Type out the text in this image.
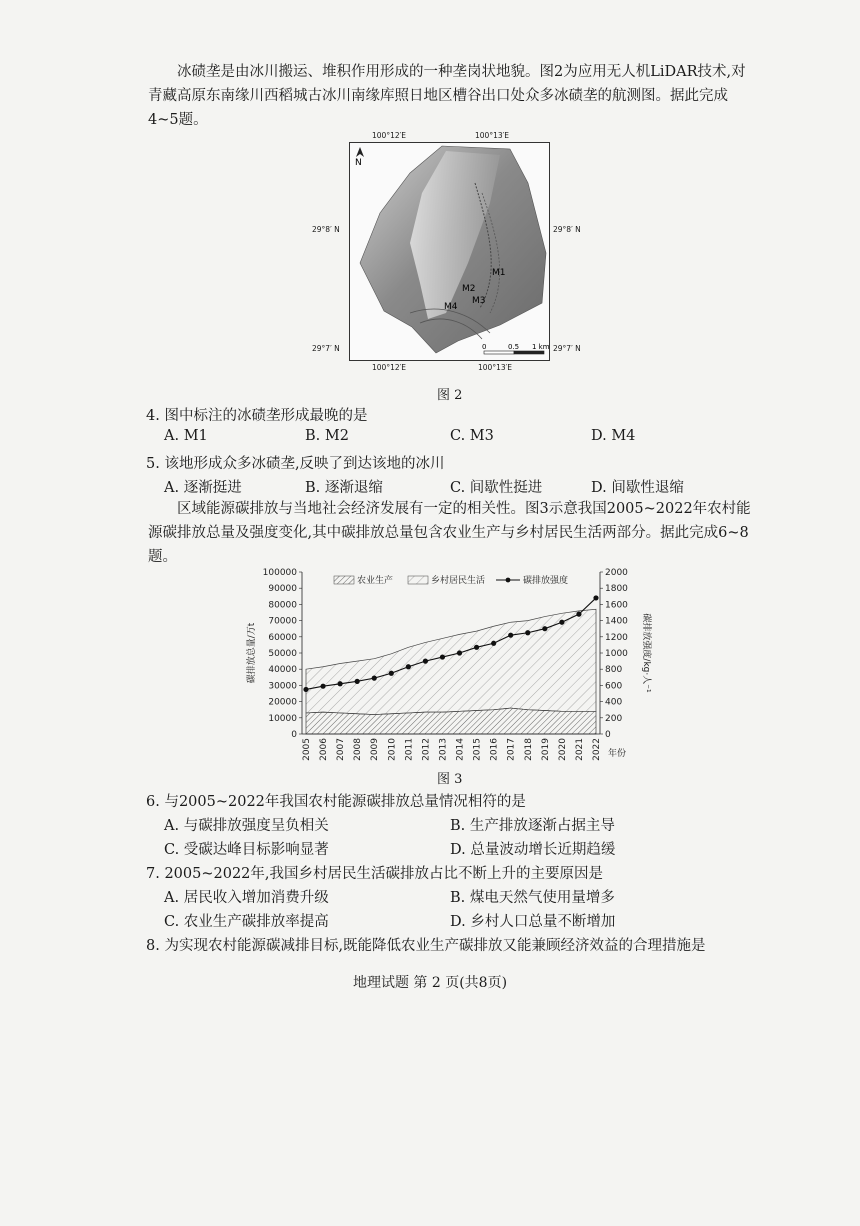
冰碛垄是由冰川搬运、堆积作用形成的一种垄岗状地貌。图2为应用无人机LiDAR技术,对青藏高原东南缘川西稻城古冰川南缘库照日地区槽谷出口处众多冰碛垄的航测图。据此完成4~5题。
100°12′E	100°13′E
M1
M2
M3
M4
N
0	0.5 1 km
29°8′ N	29°8′ N
29°7′ N	29°7′ N
100°12′E	100°13′E
图 2
4. 图中标注的冰碛垄形成最晚的是
A. M1	B. M2	C. M3	D. M4
5. 该地形成众多冰碛垄,反映了到达该地的冰川
A. 逐渐挺进	B. 逐渐退缩	C. 间歇性挺进	D. 间歇性退缩
区域能源碳排放与当地社会经济发展有一定的相关性。图3示意我国2005~2022年农村能源碳排放总量及强度变化,其中碳排放总量包含农业生产与乡村居民生活两部分。据此完成6~8题。
0
10000
20000
30000
40000
50000
60000
70000
80000
90000
100000
0
200
400
600
800
1000
1200
1400
1600
1800
2000
2005 2006 2007 2008 2009 2010 2011 2012 2013 2014 2015 2016 2017 2018 2019 2020 2021 2022
碳排放总量/万t	碳排放强度/kg·人⁻¹
年份
农业生产	乡村居民生活	碳排放强度
图 3
6. 与2005~2022年我国农村能源碳排放总量情况相符的是
A. 与碳排放强度呈负相关	B. 生产排放逐渐占据主导
C. 受碳达峰目标影响显著	D. 总量波动增长近期趋缓
7. 2005~2022年,我国乡村居民生活碳排放占比不断上升的主要原因是
A. 居民收入增加消费升级	B. 煤电天然气使用量增多
C. 农业生产碳排放率提高	D. 乡村人口总量不断增加
8. 为实现农村能源碳减排目标,既能降低农业生产碳排放又能兼顾经济效益的合理措施是
地理试题 第 2 页(共8页)
